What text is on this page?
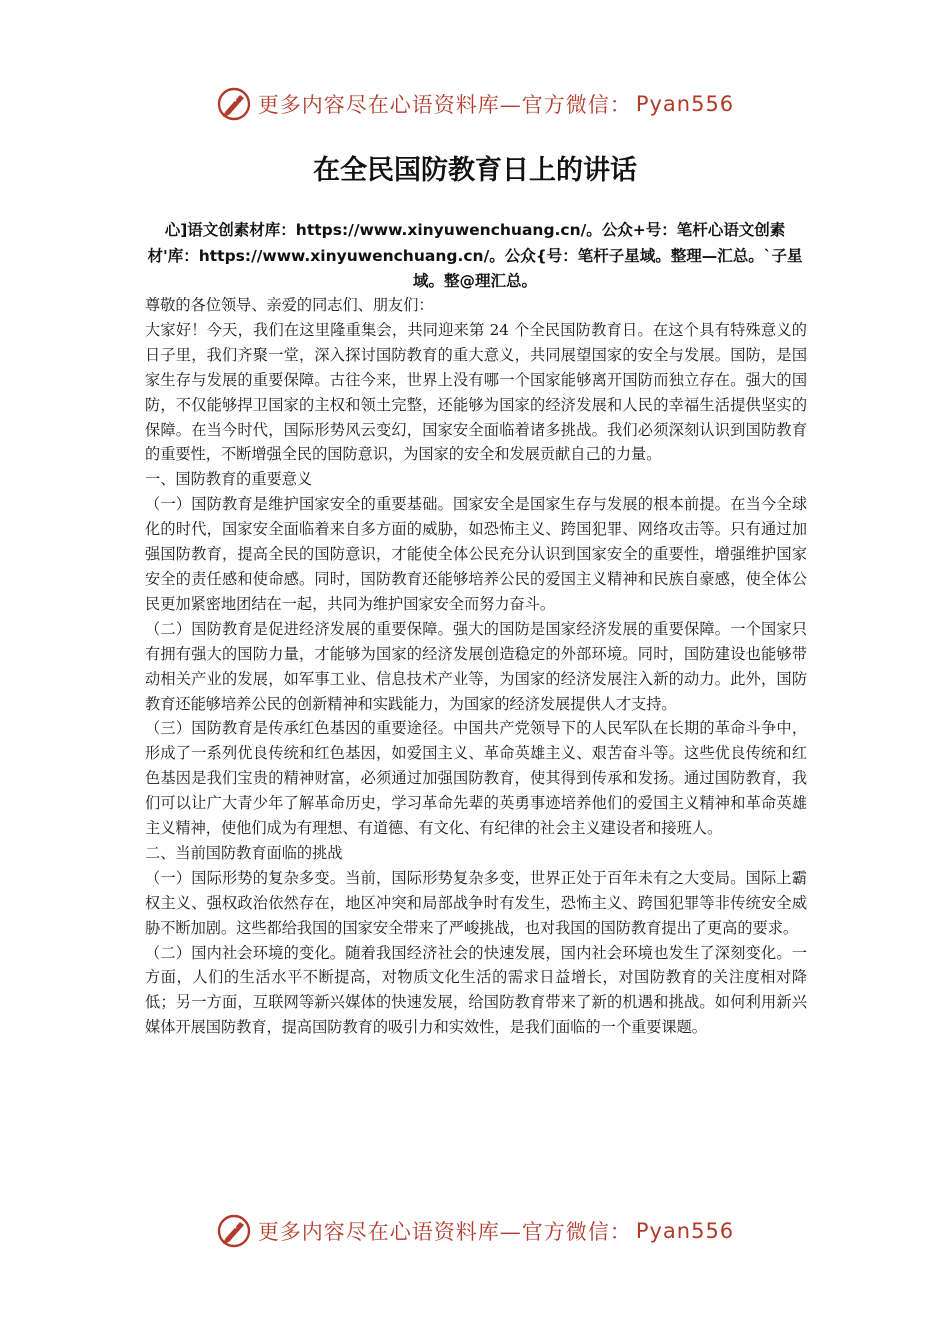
更多内容尽在心语资料库—官方微信： Pyan556
在全民国防教育日上的讲话
心]语文创素材库：https://www.xinyuwenchuang.cn/。公众+号：笔杆心语文创素材'库：https://www.xinyuwenchuang.cn/。公众{号：笔杆子星域。整理—汇总。`子星域。整@理汇总。

尊敬的各位领导、亲爱的同志们、朋友们：

大家好！今天，我们在这里隆重集会，共同迎来第 24 个全民国防教育日。在这个具有特殊意义的日子里，我们齐聚一堂，深入探讨国防教育的重大意义，共同展望国家的安全与发展。国防，是国家生存与发展的重要保障。古往今来，世界上没有哪一个国家能够离开国防而独立存在。强大的国防，不仅能够捍卫国家的主权和领土完整，还能够为国家的经济发展和人民的幸福生活提供坚实的保障。在当今时代，国际形势风云变幻，国家安全面临着诸多挑战。我们必须深刻认识到国防教育的重要性，不断增强全民的国防意识，为国家的安全和发展贡献自己的力量。

一、国防教育的重要意义

（一）国防教育是维护国家安全的重要基础。国家安全是国家生存与发展的根本前提。在当今全球化的时代，国家安全面临着来自多方面的威胁，如恐怖主义、跨国犯罪、网络攻击等。只有通过加强国防教育，提高全民的国防意识，才能使全体公民充分认识到国家安全的重要性，增强维护国家安全的责任感和使命感。同时，国防教育还能够培养公民的爱国主义精神和民族自豪感，使全体公民更加紧密地团结在一起，共同为维护国家安全而努力奋斗。

（二）国防教育是促进经济发展的重要保障。强大的国防是国家经济发展的重要保障。一个国家只有拥有强大的国防力量，才能够为国家的经济发展创造稳定的外部环境。同时，国防建设也能够带动相关产业的发展，如军事工业、信息技术产业等，为国家的经济发展注入新的动力。此外，国防教育还能够培养公民的创新精神和实践能力，为国家的经济发展提供人才支持。

（三）国防教育是传承红色基因的重要途径。中国共产党领导下的人民军队在长期的革命斗争中，形成了一系列优良传统和红色基因，如爱国主义、革命英雄主义、艰苦奋斗等。这些优良传统和红色基因是我们宝贵的精神财富，必须通过加强国防教育，使其得到传承和发扬。通过国防教育，我们可以让广大青少年了解革命历史，学习革命先辈的英勇事迹培养他们的爱国主义精神和革命英雄主义精神，使他们成为有理想、有道德、有文化、有纪律的社会主义建设者和接班人。

二、当前国防教育面临的挑战

（一）国际形势的复杂多变。当前，国际形势复杂多变，世界正处于百年未有之大变局。国际上霸权主义、强权政治依然存在，地区冲突和局部战争时有发生，恐怖主义、跨国犯罪等非传统安全威胁不断加剧。这些都给我国的国家安全带来了严峻挑战，也对我国的国防教育提出了更高的要求。

（二）国内社会环境的变化。随着我国经济社会的快速发展，国内社会环境也发生了深刻变化。一方面，人们的生活水平不断提高，对物质文化生活的需求日益增长，对国防教育的关注度相对降低；另一方面，互联网等新兴媒体的快速发展，给国防教育带来了新的机遇和挑战。如何利用新兴媒体开展国防教育，提高国防教育的吸引力和实效性，是我们面临的一个重要课题。

更多内容尽在心语资料库—官方微信： Pyan556
